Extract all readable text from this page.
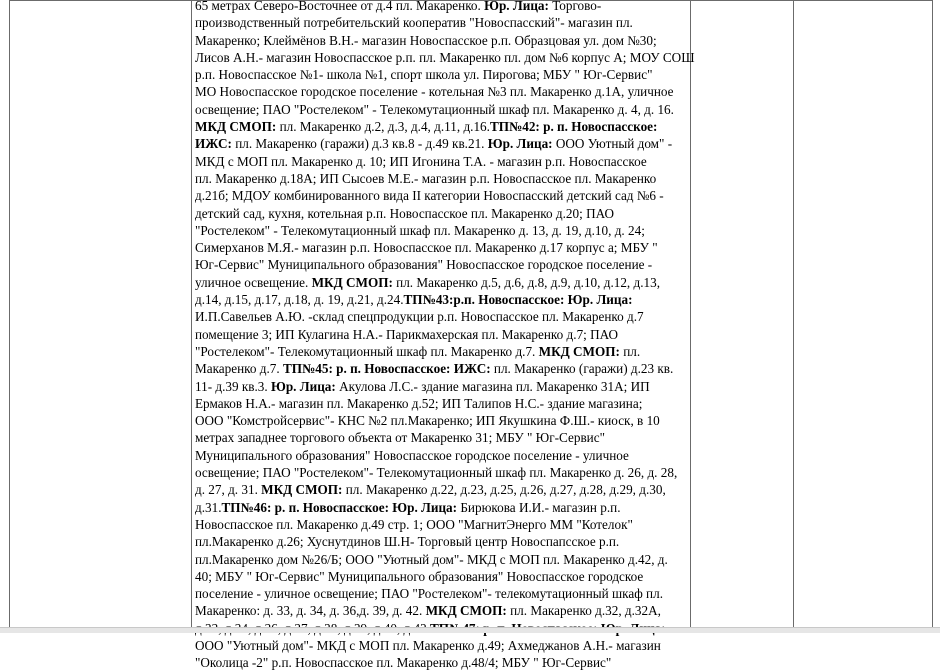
65 метрах Северо-Восточнее от д.4 пл. Макаренко. Юр. Лица: Торгово-
производственный потребительский кооператив "Новоспасский"- магазин пл.
Макаренко; Клеймёнов В.Н.- магазин Новоспасское р.п. Образцовая ул. дом №30;
Лисов А.Н.- магазин Новоспасское р.п. пл. Макаренко пл. дом №6 корпус А; МОУ СОШ
р.п. Новоспасское №1- школа №1, спорт школа ул. Пирогова; МБУ " Юг-Сервис"
МО Новоспасское городское поселение - котельная №3 пл. Макаренко д.1А, уличное
освещение; ПАО "Ростелеком" - Телекомутационный шкаф пл. Макаренко д. 4, д. 16.
МКД СМОП: пл. Макаренко д.2, д.3, д.4, д.11, д.16.ТП№42: р. п. Новоспасское:
ИЖС: пл. Макаренко (гаражи) д.3 кв.8 - д.49 кв.21. Юр. Лица: ООО Уютный дом" -
МКД с МОП пл. Макаренко д. 10; ИП Игонина Т.А. - магазин р.п. Новоспасское
пл. Макаренко д.18А; ИП Сысоев М.Е.- магазин р.п. Новоспасское пл. Макаренко
д.21б; МДОУ комбинированного вида II категории Новоспасский детский сад №6 -
детский сад, кухня, котельная р.п. Новоспасское пл. Макаренко д.20; ПАО
"Ростелеком" - Телекомутационный шкаф пл. Макаренко д. 13, д. 19, д.10, д. 24;
Симерханов М.Я.- магазин р.п. Новоспасское пл. Макаренко д.17 корпус а; МБУ "
Юг-Сервис" Муниципального образования" Новоспасское городское поселение -
уличное освещение. МКД СМОП: пл. Макаренко д.5, д.6, д.8, д.9, д.10, д.12, д.13,
д.14, д.15, д.17, д.18, д. 19, д.21, д.24.ТП№43:р.п. Новоспасское: Юр. Лица:
И.П.Савельев А.Ю. -склад спецпродукции р.п. Новоспасское пл. Макаренко д.7
помещение 3; ИП Кулагина Н.А.- Парикмахерская пл. Макаренко д.7; ПАО
"Ростелеком"- Телекомутационный шкаф пл. Макаренко д.7. МКД СМОП: пл.
Макаренко д.7. ТП№45: р. п. Новоспасское: ИЖС: пл. Макаренко (гаражи) д.23 кв.
11- д.39 кв.3. Юр. Лица: Акулова Л.С.- здание магазина пл. Макаренко 31А; ИП
Ермаков Н.А.- магазин пл. Макаренко д.52; ИП Талипов Н.С.- здание магазина;
ООО "Комстройсервис"- КНС №2 пл.Макаренко; ИП Якушкина Ф.Ш.- киоск, в 10
метрах западнее торгового объекта от Макаренко 31; МБУ " Юг-Сервис"
Муниципального образования" Новоспасское городское поселение - уличное
освещение; ПАО "Ростелеком"- Телекомутационный шкаф пл. Макаренко д. 26, д. 28,
д. 27, д. 31. МКД СМОП: пл. Макаренко д.22, д.23, д.25, д.26, д.27, д.28, д.29, д.30,
д.31.ТП№46: р. п. Новоспасское: Юр. Лица: Бирюкова И.И.- магазин р.п.
Новоспасское пл. Макаренко д.49 стр. 1; ООО "МагнитЭнерго ММ "Котелок"
пл.Макаренко д.26; Хуснутдинов Ш.Н- Торговый центр Новоспапсское р.п.
пл.Макаренко дом №26/Б; ООО "Уютный дом"- МКД с МОП пл. Макаренко д.42, д.
40; МБУ " Юг-Сервис" Муниципального образования" Новоспасское городское
поселение - уличное освещение; ПАО "Ростелеком"- телекомутационный шкаф пл.
Макаренко: д. 33, д. 34, д. 36,д. 39, д. 42. МКД СМОП: пл. Макаренко д.32, д.32А,
ООО "Уютный дом"- МКД с МОП пл. Макаренко д.49; Ахмеджанов А.Н.- магазин
"Околица -2" р.п. Новоспасское пл. Макаренко д.48/4; МБУ " Юг-Сервис"
